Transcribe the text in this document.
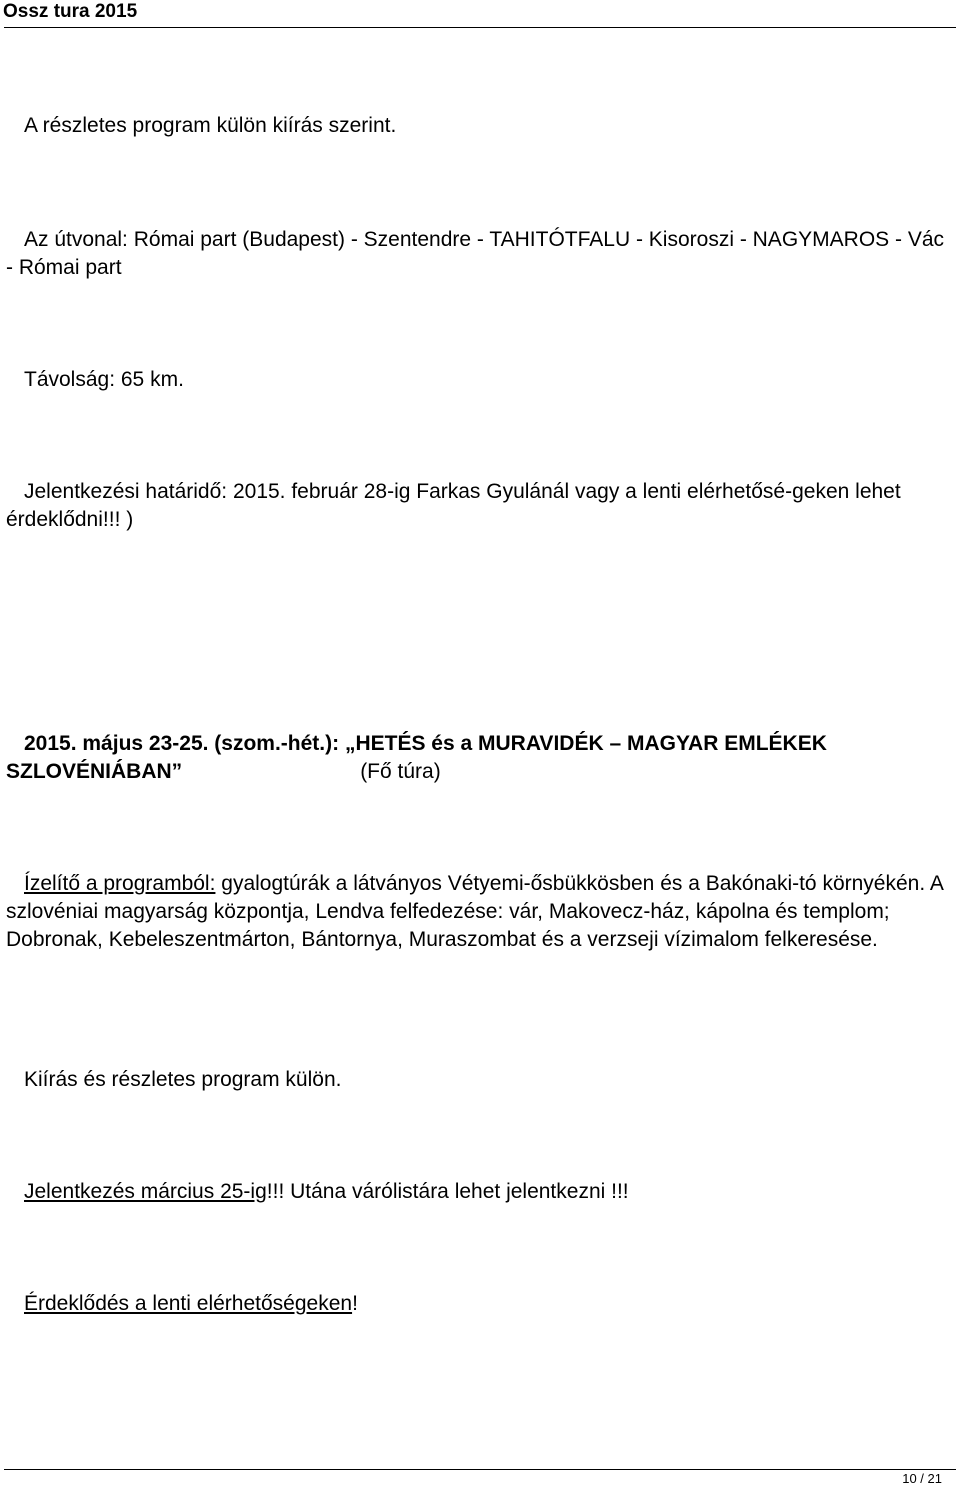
Ossz tura 2015

A részletes program külön kiírás szerint.

Az útvonal: Római part (Budapest) - Szentendre - TAHITÓTFALU - Kisoroszi - NAGYMAROS - Vác - Római part

Távolság: 65 km.

Jelentkezési határidő: 2015. február 28-ig Farkas Gyulánál vagy a lenti elérhetősé-geken lehet érdeklődni!!! )

2015. május 23-25. (szom.-hét.): „HETÉS és a MURAVIDÉK – MAGYAR EMLÉKEK SZLOVÉNIÁBAN”	(Fő túra)

Ízelítő a programból: gyalogtúrák a látványos Vétyemi-ősbükkösben és a Bakónaki-tó környékén. A szlovéniai magyarság központja, Lendva felfedezése: vár, Makovecz-ház, kápolna és templom; Dobronak, Kebeleszentmárton, Bántornya, Muraszombat és a verzseji vízimalom felkeresése.

Kiírás és részletes program külön.

Jelentkezés március 25-ig!!! Utána várólistára lehet jelentkezni !!!

Érdeklődés a lenti elérhetőségeken!

10 / 21
